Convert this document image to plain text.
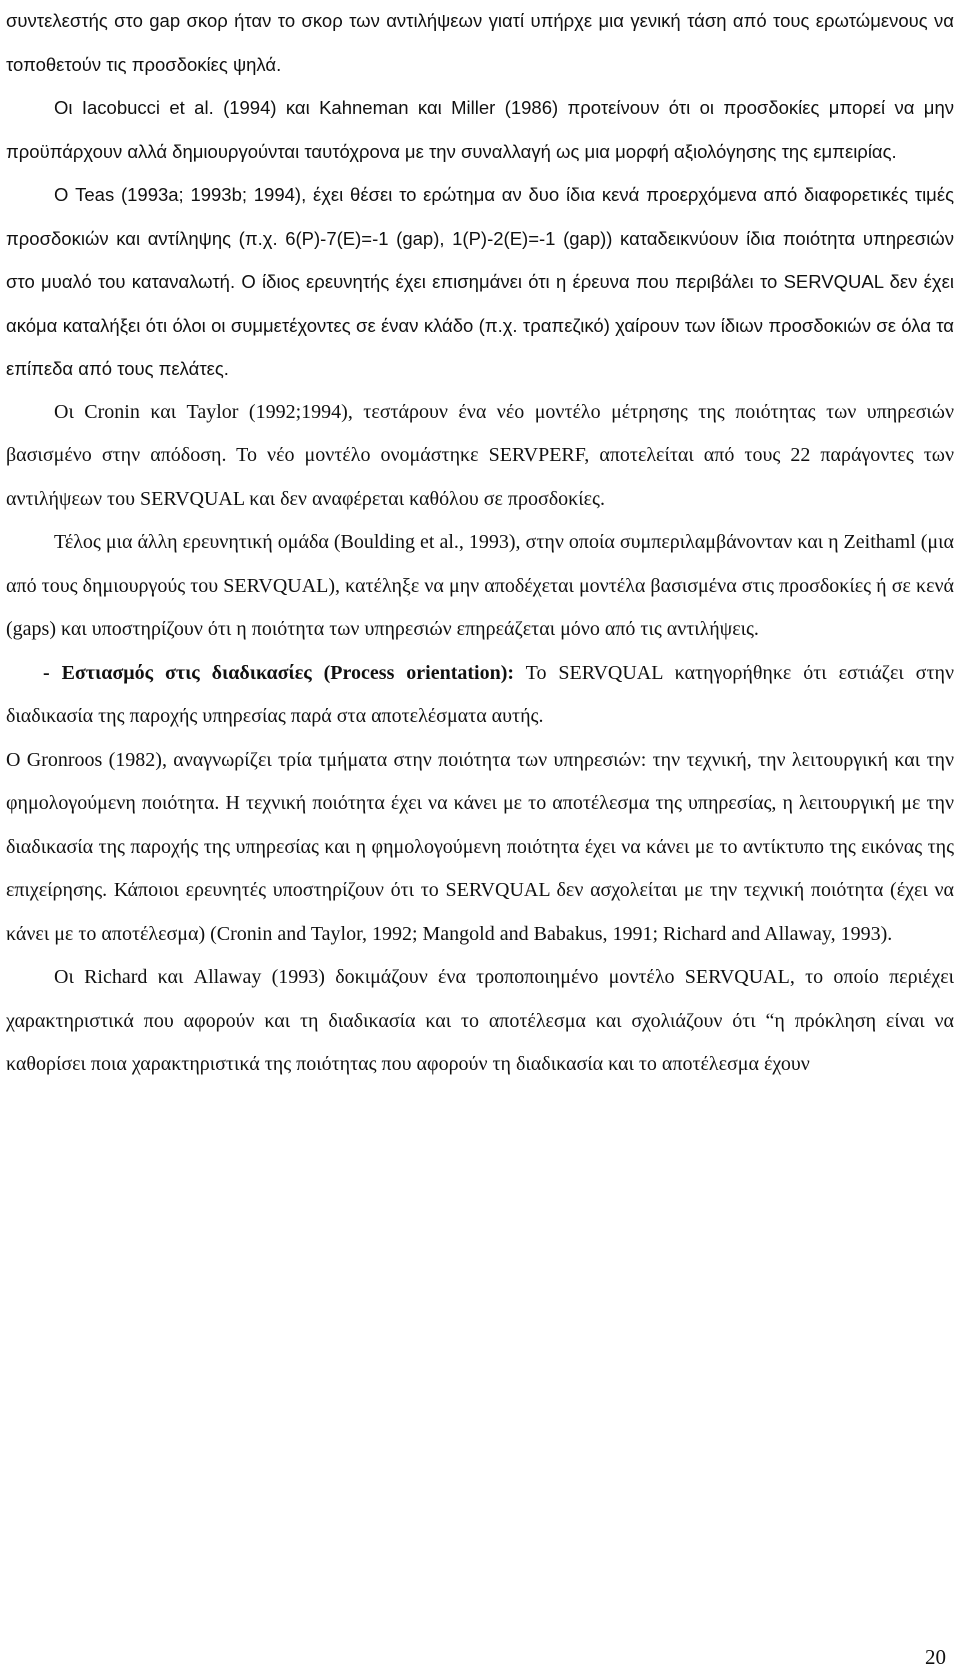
συντελεστής στο gap σκορ ήταν το σκορ των αντιλήψεων γιατί υπήρχε μια γενική τάση από τους ερωτώμενους να τοποθετούν τις προσδοκίες ψηλά.

Οι Iacobucci et al. (1994) και Kahneman και Miller (1986) προτείνουν ότι οι προσδοκίες μπορεί να μην προϋπάρχουν αλλά δημιουργούνται ταυτόχρονα με την συναλλαγή ως μια μορφή αξιολόγησης της εμπειρίας.

Ο Teas (1993a; 1993b; 1994), έχει θέσει το ερώτημα αν δυο ίδια κενά προερχόμενα από διαφορετικές τιμές προσδοκιών και αντίληψης (π.χ. 6(P)-7(E)=-1 (gap), 1(P)-2(E)=-1 (gap)) καταδεικνύουν ίδια ποιότητα υπηρεσιών στο μυαλό του καταναλωτή. Ο ίδιος ερευνητής έχει επισημάνει ότι η έρευνα που περιβάλει το SERVQUAL δεν έχει ακόμα καταλήξει ότι όλοι οι συμμετέχοντες σε έναν κλάδο (π.χ. τραπεζικό) χαίρουν των ίδιων προσδοκιών σε όλα τα επίπεδα από τους πελάτες.

Οι Cronin και Taylor (1992;1994), τεστάρουν ένα νέο μοντέλο μέτρησης της ποιότητας των υπηρεσιών βασισμένο στην απόδοση. Το νέο μοντέλο ονομάστηκε SERVPERF, αποτελείται από τους 22 παράγοντες των αντιλήψεων του SERVQUAL και δεν αναφέρεται καθόλου σε προσδοκίες.

Τέλος μια άλλη ερευνητική ομάδα (Boulding et al., 1993), στην οποία συμπεριλαμβάνονταν και η Zeithaml (μια από τους δημιουργούς του SERVQUAL), κατέληξε να μην αποδέχεται μοντέλα βασισμένα στις προσδοκίες ή σε κενά (gaps) και υποστηρίζουν ότι η ποιότητα των υπηρεσιών επηρεάζεται μόνο από τις αντιλήψεις.

- Εστιασμός στις διαδικασίες (Process orientation): Το SERVQUAL κατηγορήθηκε ότι εστιάζει στην διαδικασία της παροχής υπηρεσίας παρά στα αποτελέσματα αυτής.

Ο Gronroos (1982), αναγνωρίζει τρία τμήματα στην ποιότητα των υπηρεσιών: την τεχνική, την λειτουργική και την φημολογούμενη ποιότητα. Η τεχνική ποιότητα έχει να κάνει με το αποτέλεσμα της υπηρεσίας, η λειτουργική με την διαδικασία της παροχής της υπηρεσίας και η φημολογούμενη ποιότητα έχει να κάνει με το αντίκτυπο της εικόνας της επιχείρησης. Κάποιοι ερευνητές υποστηρίζουν ότι το SERVQUAL δεν ασχολείται με την τεχνική ποιότητα (έχει να κάνει με το αποτέλεσμα) (Cronin and Taylor, 1992; Mangold and Babakus, 1991; Richard and Allaway, 1993).

Οι Richard και Allaway (1993) δοκιμάζουν ένα τροποποιημένο μοντέλο SERVQUAL, το οποίο περιέχει χαρακτηριστικά που αφορούν και τη διαδικασία και το αποτέλεσμα και σχολιάζουν ότι “η πρόκληση είναι να καθορίσει ποια χαρακτηριστικά της ποιότητας που αφορούν τη διαδικασία και το αποτέλεσμα έχουν

20
